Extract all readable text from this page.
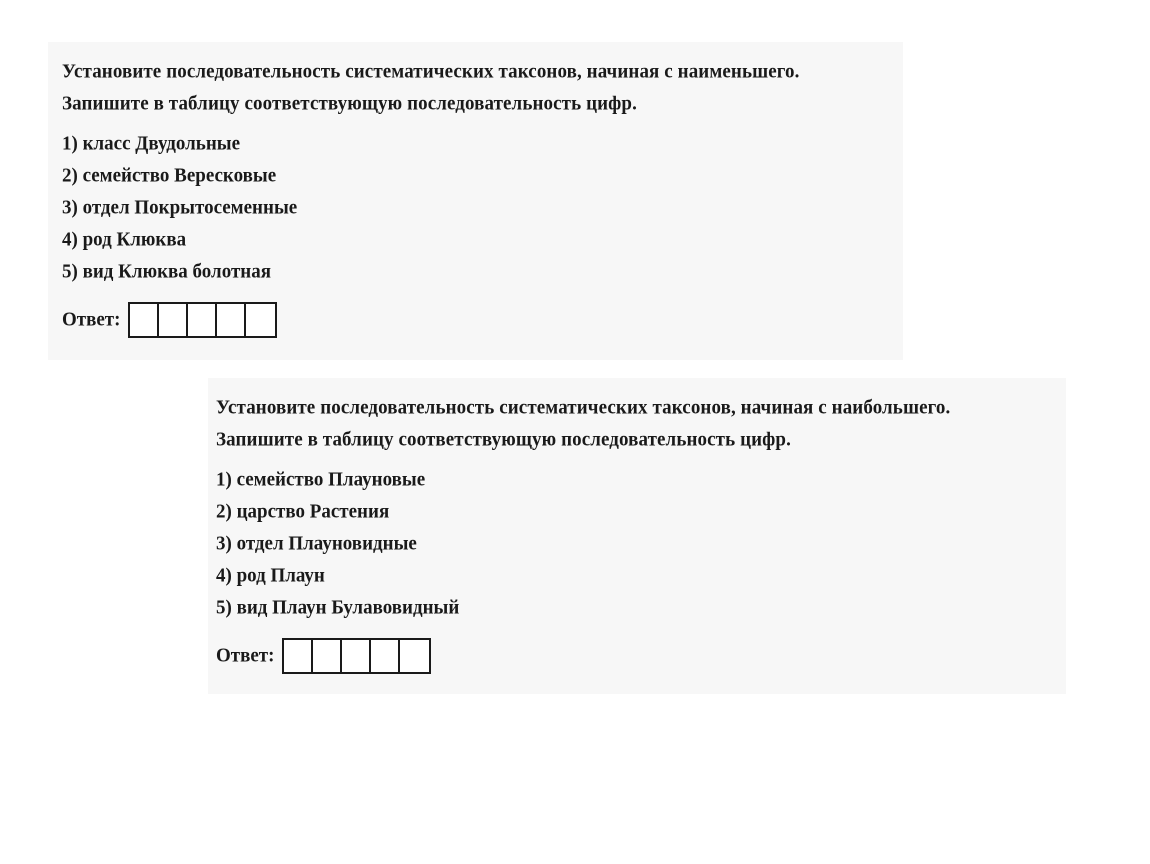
Установите последовательность систематических таксонов, начиная с наименьшего.
Запишите в таблицу соответствующую последовательность цифр.
1) класс Двудольные
2) семейство Вересковые
3) отдел Покрытосеменные
4) род Клюква
5) вид Клюква болотная
Ответ:
Установите последовательность систематических таксонов, начиная с наибольшего.
Запишите в таблицу соответствующую последовательность цифр.
1) семейство Плауновые
2) царство Растения
3) отдел Плауновидные
4) род Плаун
5) вид Плаун Булавовидный
Ответ:
